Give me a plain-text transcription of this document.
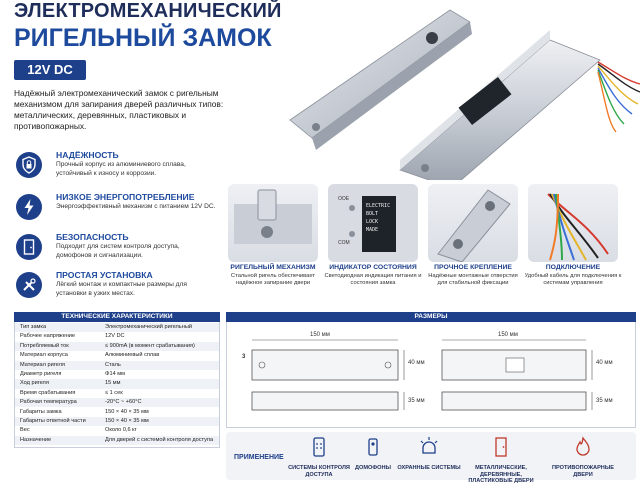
ЭЛЕКТРОМЕХАНИЧЕСКИЙ
РИГЕЛЬНЫЙ ЗАМОК
12V DC
Надёжный электромеханический замок с ригельным механизмом для запирания дверей различных типов: металлических, деревянных, пластиковых и противопожарных.
НАДЁЖНОСТЬ
Прочный корпус из алюминиевого сплава, устойчивый к износу и коррозии.
НИЗКОЕ ЭНЕРГОПОТРЕБЛЕНИЕ
Энергоэффективный механизм с питанием 12V DC.
БЕЗОПАСНОСТЬ
Подходит для систем контроля доступа, домофонов и сигнализации.
ПРОСТАЯ УСТАНОВКА
Лёгкий монтаж и компактные размеры для установки в узких местах.
ELECTRIC
BOLT LOCK
MADE
OOE
COM
РИГЕЛЬНЫЙ МЕХАНИЗМ
Стальной ригель обеспечивает надёжное запирание двери
ИНДИКАТОР СОСТОЯНИЯ
Светодиодная индикация питания и состояния замка
ПРОЧНОЕ КРЕПЛЕНИЕ
Надёжные монтажные отверстия для стабильной фиксации
ПОДКЛЮЧЕНИЕ
Удобный кабель для подключения к системам управления
ТЕХНИЧЕСКИЕ ХАРАКТЕРИСТИКИ
Тип замка	Электромеханический ригельный
Рабочее напряжение	12V DC
Потребляемый ток	≤ 900mA (в момент срабатывания)
Материал корпуса	Алюминиевый сплав
Материал ригеля	Сталь
Диаметр ригеля	Φ14 мм
Ход ригеля	15 мм
Время срабатывания	≤ 1 сек
Рабочая температура	-20°C ~ +60°C
Габариты замка	150 × 40 × 35 мм
Габариты ответной части	150 × 40 × 35 мм
Вес	Около 0,6 кг
Назначение	Для дверей с системой контроля доступа
РАЗМЕРЫ
150 мм	150 мм
40 мм	40 мм
35 мм	35 мм
3
ПРИМЕНЕНИЕ
СИСТЕМЫ КОНТРОЛЯ ДОСТУПА
ДОМОФОНЫ	ОХРАННЫЕ СИСТЕМЫ	МЕТАЛЛИЧЕСКИЕ, ДЕРЕВЯННЫЕ, ПЛАСТИКОВЫЕ ДВЕРИ
ПРОТИВОПОЖАРНЫЕ ДВЕРИ
